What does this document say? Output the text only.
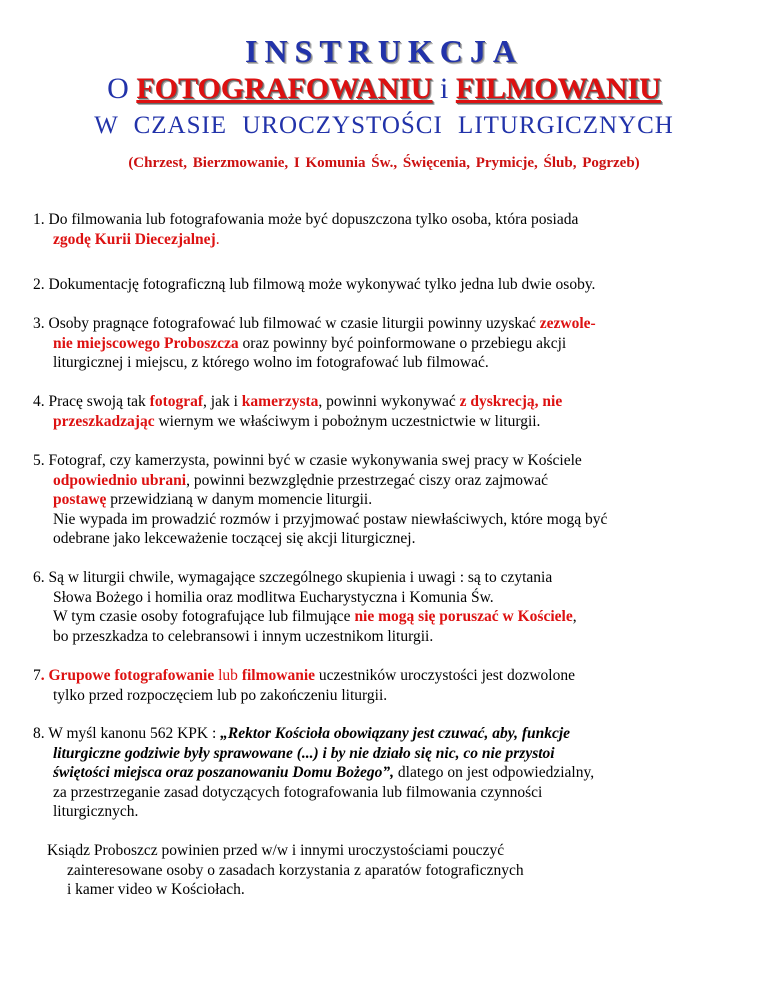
INSTRUKCJA
O FOTOGRAFOWANIU i FILMOWANIU
W CZASIE UROCZYSTOŚCI LITURGICZNYCH
(Chrzest, Bierzmowanie, I Komunia Św., Święcenia, Prymicje, Ślub, Pogrzeb)
1. Do filmowania lub fotografowania może być dopuszczona tylko osoba, która posiada
zgodę Kurii Diecezjalnej.
2. Dokumentację fotograficzną lub filmową może wykonywać tylko jedna lub dwie osoby.
3. Osoby pragnące fotografować lub filmować w czasie liturgii powinny uzyskać zezwole-
nie miejscowego Proboszcza oraz powinny być poinformowane o przebiegu akcji
liturgicznej i miejscu, z którego wolno im fotografować lub filmować.
4. Pracę swoją tak fotograf, jak i kamerzysta, powinni wykonywać z dyskrecją, nie
przeszkadzając wiernym we właściwym i pobożnym uczestnictwie w liturgii.
5. Fotograf, czy kamerzysta, powinni być w czasie wykonywania swej pracy w Kościele
odpowiednio ubrani, powinni bezwzględnie przestrzegać ciszy oraz zajmować
postawę przewidzianą w danym momencie liturgii.
Nie wypada im prowadzić rozmów i przyjmować postaw niewłaściwych, które mogą być
odebrane jako lekceważenie toczącej się akcji liturgicznej.
6. Są w liturgii chwile, wymagające szczególnego skupienia i uwagi : są to czytania
Słowa Bożego i homilia oraz modlitwa Eucharystyczna i Komunia Św.
W tym czasie osoby fotografujące lub filmujące nie mogą się poruszać w Kościele,
bo przeszkadza to celebransowi i innym uczestnikom liturgii.
7. Grupowe fotografowanie lub filmowanie uczestników uroczystości jest dozwolone
tylko przed rozpoczęciem lub po zakończeniu liturgii.
8. W myśl kanonu 562 KPK : „Rektor Kościoła obowiązany jest czuwać, aby, funkcje
liturgiczne godziwie były sprawowane (...) i by nie działo się nic, co nie przystoi
świętości miejsca oraz poszanowaniu Domu Bożego”, dlatego on jest odpowiedzialny,
za przestrzeganie zasad dotyczących fotografowania lub filmowania czynności
liturgicznych.
Ksiądz Proboszcz powinien przed w/w i innymi uroczystościami pouczyć
zainteresowane osoby o zasadach korzystania z aparatów fotograficznych
i kamer video w Kościołach.
